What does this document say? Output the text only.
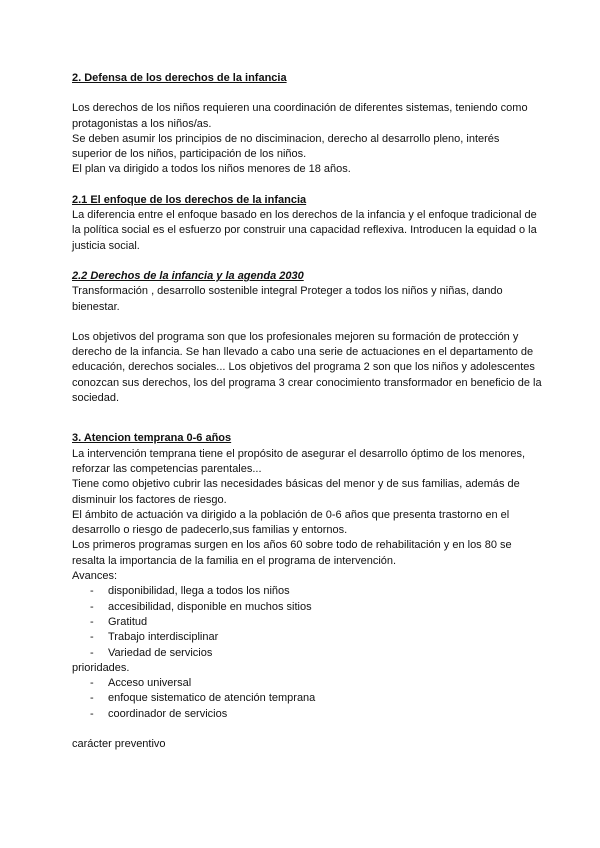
2. Defensa de los derechos de la infancia

Los derechos de los niños requieren una coordinación de diferentes sistemas, teniendo como protagonistas a los niños/as.

Se deben asumir los principios de no disciminacion, derecho al desarrollo pleno, interés superior de los niños, participación de los niños.

El plan va dirigido a todos los niños menores de 18 años.

2.1 El enfoque de los derechos de la infancia

La diferencia entre el enfoque basado en los derechos de la infancia y el enfoque tradicional de la política social es el esfuerzo por construir una capacidad reflexiva. Introducen la equidad o la justicia social.

2.2 Derechos de la infancia y la agenda 2030

Transformación , desarrollo sostenible integral Proteger a todos los niños y niñas, dando bienestar.

Los objetivos del programa son que los profesionales mejoren su formación de protección y derecho de la infancia. Se han llevado a cabo una serie de actuaciones en el departamento de educación, derechos sociales... Los objetivos del programa 2 son que los niños y adolescentes conozcan sus derechos, los del programa 3 crear conocimiento transformador en beneficio de la sociedad.

3. Atencion temprana 0-6 años

La intervención temprana tiene el propósito de asegurar el desarrollo óptimo de los menores, reforzar las competencias parentales...

Tiene como objetivo cubrir las necesidades básicas del menor y de sus familias, además de disminuir los factores de riesgo.

El ámbito de actuación va dirigido a la población de 0-6 años que presenta trastorno en el desarrollo o riesgo de padecerlo,sus familias y entornos.

Los primeros programas surgen en los años 60 sobre todo de rehabilitación y en los 80 se resalta la importancia de la familia en el programa de intervención.

Avances:

- disponibilidad, llega a todos los niños
- accesibilidad, disponible en muchos sitios
- Gratitud
- Trabajo interdisciplinar
- Variedad de servicios

prioridades.

- Acceso universal
- enfoque sistematico de atención temprana
- coordinador de servicios

carácter preventivo
